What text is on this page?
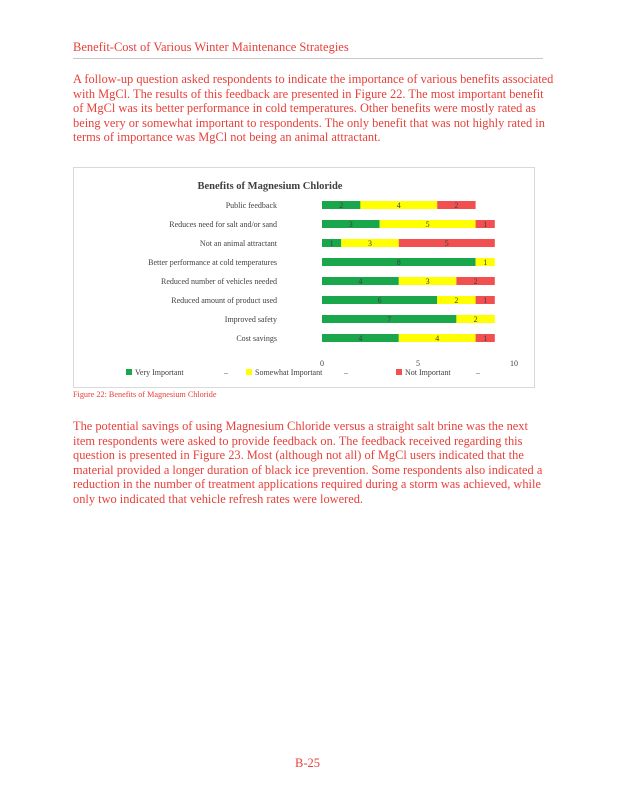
Benefit-Cost of Various Winter Maintenance Strategies
A follow-up question asked respondents to indicate the importance of various benefits associated
with MgCl. The results of this feedback are presented in Figure 22. The most important benefit
of MgCl was its better performance in cold temperatures. Other benefits were mostly rated as
being very or somewhat important to respondents. The only benefit that was not highly rated in
terms of importance was MgCl not being an animal attractant.
Benefits of Magnesium Chloride
Public feedback	2	4	2
Reduces need for salt and/or sand	3	5	1
Not an animal attractant	1	3	5
Better performance at cold temperatures	8	1
Reduced number of vehicles needed	4	3	2
Reduced amount of product used	6	2	1
Improved safety	7	2
Cost savings	4	4	1
0	5	10
Very Important	–	Somewhat Important	–	Not Important	–
Figure 22: Benefits of Magnesium Chloride
The potential savings of using Magnesium Chloride versus a straight salt brine was the next
item respondents were asked to provide feedback on. The feedback received regarding this
question is presented in Figure 23. Most (although not all) of MgCl users indicated that the
material provided a longer duration of black ice prevention. Some respondents also indicated a
reduction in the number of treatment applications required during a storm was achieved, while
only two indicated that vehicle refresh rates were lowered.
B-25
